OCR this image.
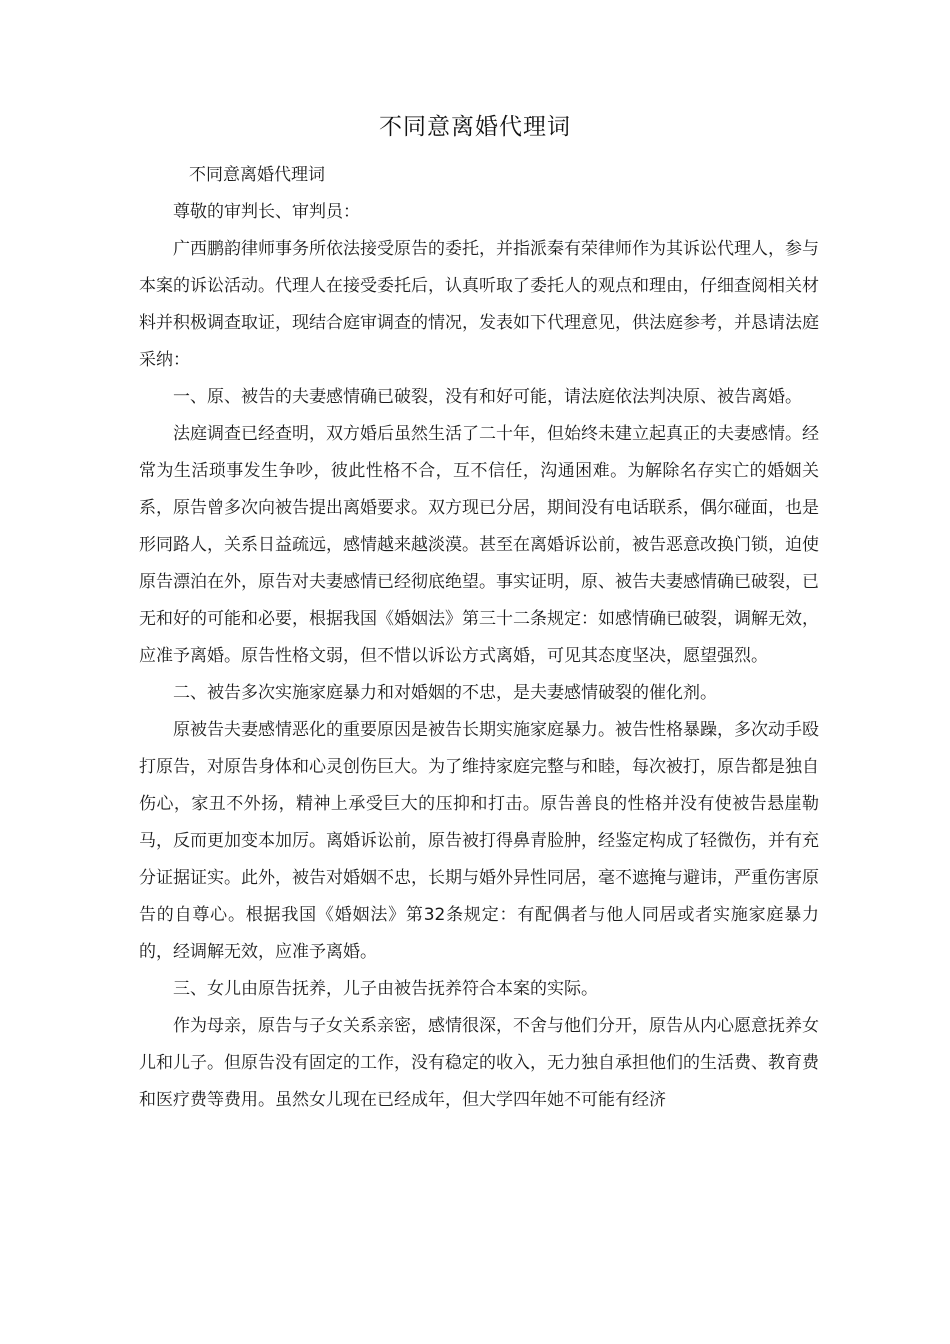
不同意离婚代理词

不同意离婚代理词

尊敬的审判长、审判员：

广西鹏韵律师事务所依法接受原告的委托，并指派秦有荣律师作为其诉讼代理人，参与本案的诉讼活动。代理人在接受委托后，认真听取了委托人的观点和理由，仔细查阅相关材料并积极调查取证，现结合庭审调查的情况，发表如下代理意见，供法庭参考，并恳请法庭采纳：

一、原、被告的夫妻感情确已破裂，没有和好可能，请法庭依法判决原、被告离婚。

法庭调查已经查明，双方婚后虽然生活了二十年，但始终未建立起真正的夫妻感情。经常为生活琐事发生争吵，彼此性格不合，互不信任，沟通困难。为解除名存实亡的婚姻关系，原告曾多次向被告提出离婚要求。双方现已分居，期间没有电话联系，偶尔碰面，也是形同路人，关系日益疏远，感情越来越淡漠。甚至在离婚诉讼前，被告恶意改换门锁，迫使原告漂泊在外，原告对夫妻感情已经彻底绝望。事实证明，原、被告夫妻感情确已破裂，已无和好的可能和必要，根据我国《婚姻法》第三十二条规定：如感情确已破裂，调解无效，应准予离婚。原告性格文弱，但不惜以诉讼方式离婚，可见其态度坚决，愿望强烈。

二、被告多次实施家庭暴力和对婚姻的不忠，是夫妻感情破裂的催化剂。

原被告夫妻感情恶化的重要原因是被告长期实施家庭暴力。被告性格暴躁，多次动手殴打原告，对原告身体和心灵创伤巨大。为了维持家庭完整与和睦，每次被打，原告都是独自伤心，家丑不外扬，精神上承受巨大的压抑和打击。原告善良的性格并没有使被告悬崖勒马，反而更加变本加厉。离婚诉讼前，原告被打得鼻青脸肿，经鉴定构成了轻微伤，并有充分证据证实。此外，被告对婚姻不忠，长期与婚外异性同居，毫不遮掩与避讳，严重伤害原告的自尊心。根据我国《婚姻法》第32条规定：有配偶者与他人同居或者实施家庭暴力的，经调解无效，应准予离婚。

三、女儿由原告抚养，儿子由被告抚养符合本案的实际。

作为母亲，原告与子女关系亲密，感情很深，不舍与他们分开，原告从内心愿意抚养女儿和儿子。但原告没有固定的工作，没有稳定的收入，无力独自承担他们的生活费、教育费和医疗费等费用。虽然女儿现在已经成年，但大学四年她不可能有经济
